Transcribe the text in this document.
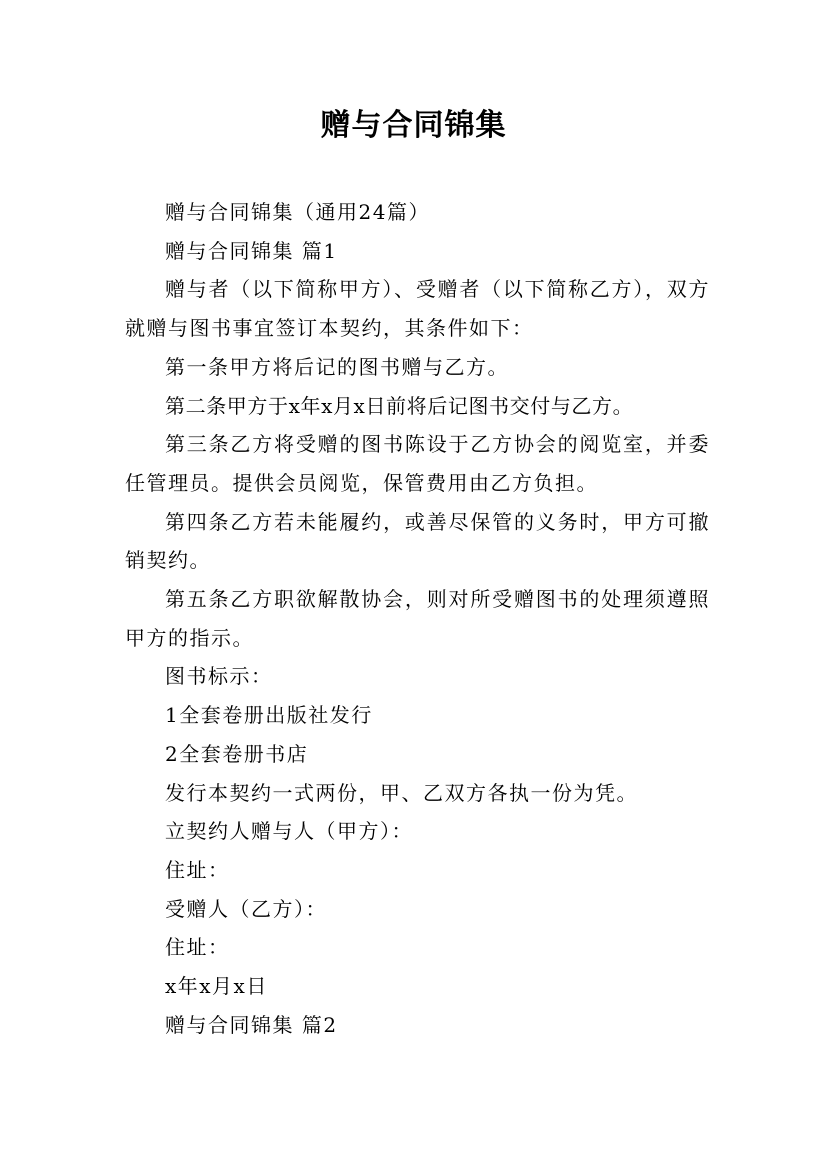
赠与合同锦集

赠与合同锦集（通用24篇）

赠与合同锦集 篇1

赠与者（以下简称甲方）、受赠者（以下简称乙方），双方就赠与图书事宜签订本契约，其条件如下：

第一条甲方将后记的图书赠与乙方。

第二条甲方于x年x月x日前将后记图书交付与乙方。

第三条乙方将受赠的图书陈设于乙方协会的阅览室，并委任管理员。提供会员阅览，保管费用由乙方负担。

第四条乙方若未能履约，或善尽保管的义务时，甲方可撤销契约。

第五条乙方职欲解散协会，则对所受赠图书的处理须遵照甲方的指示。

图书标示：

1全套卷册出版社发行

2全套卷册书店

发行本契约一式两份，甲、乙双方各执一份为凭。

立契约人赠与人（甲方）：

住址：

受赠人（乙方）：

住址：

x年x月x日

赠与合同锦集 篇2
